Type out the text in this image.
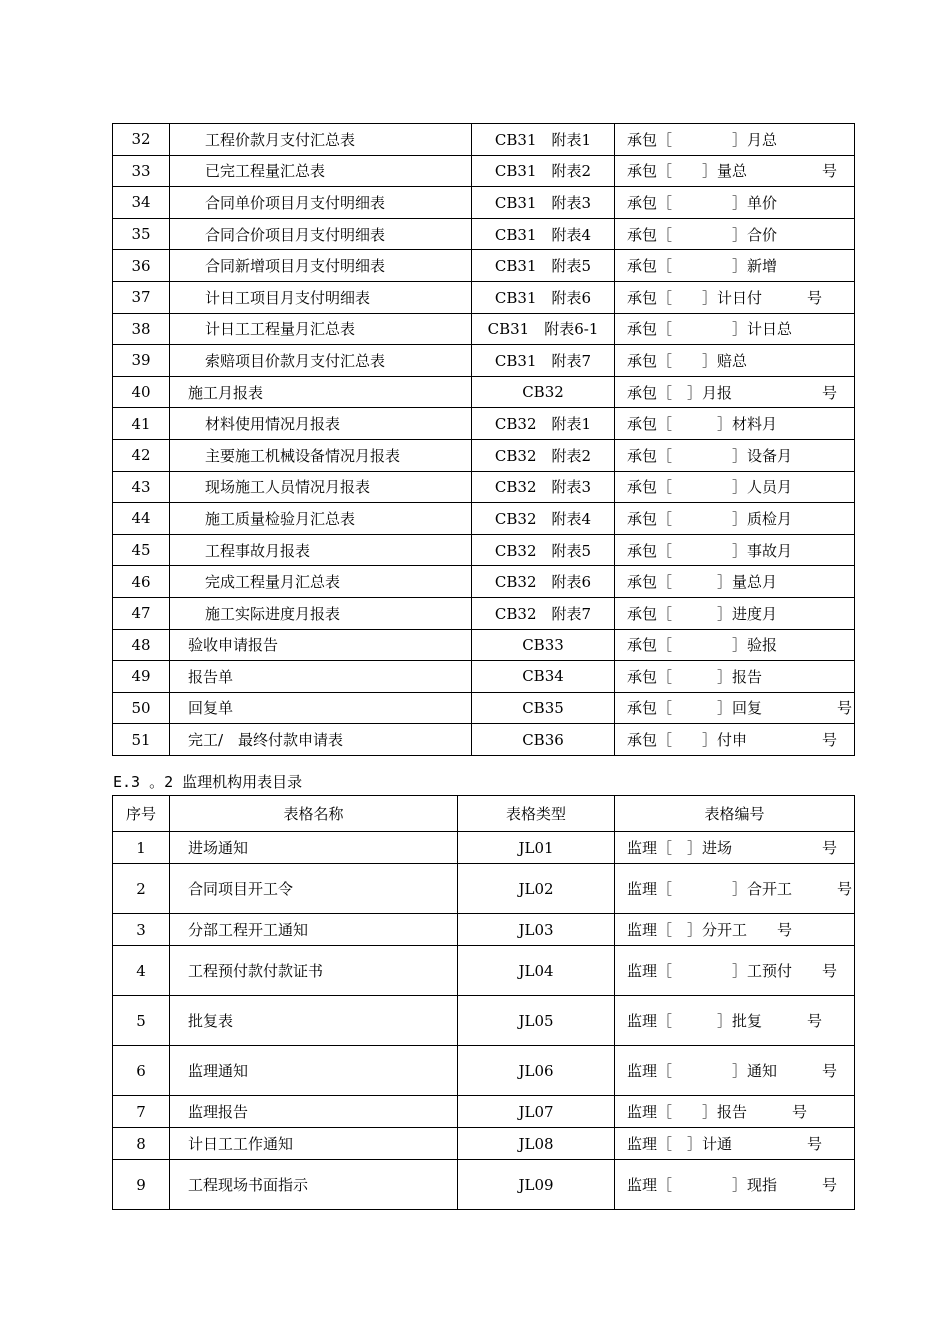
32	工程价款月支付汇总表	CB31　附表1	承包［　　　　］月总
33	已完工程量汇总表	CB31　附表2	承包［　　］量总　　　　　号
34	合同单价项目月支付明细表	CB31　附表3	承包［　　　　］单价
35	合同合价项目月支付明细表	CB31　附表4	承包［　　　　］合价
36	合同新增项目月支付明细表	CB31　附表5	承包［　　　　］新增
37	计日工项目月支付明细表	CB31　附表6	承包［　　］计日付　　　号
38	计日工工程量月汇总表	CB31　附表6-1	承包［　　　　］计日总
39	索赔项目价款月支付汇总表	CB31　附表7	承包［　　］赔总
40	施工月报表	CB32	承包［　］月报　　　　　　号
41	材料使用情况月报表	CB32　附表1	承包［　　　］材料月
42	主要施工机械设备情况月报表	CB32　附表2	承包［　　　　］设备月
43	现场施工人员情况月报表	CB32　附表3	承包［　　　　］人员月
44	施工质量检验月汇总表	CB32　附表4	承包［　　　　］质检月
45	工程事故月报表	CB32　附表5	承包［　　　　］事故月
46	完成工程量月汇总表	CB32　附表6	承包［　　　］量总月
47	施工实际进度月报表	CB32　附表7	承包［　　　］进度月
48	验收申请报告	CB33	承包［　　　　］验报
49	报告单	CB34	承包［　　　］报告
50	回复单	CB35	承包［　　　］回复　　　　　号
51	完工/　最终付款申请表	CB36	承包［　　］付申　　　　　号
E.3 。2 监理机构用表目录
序号	表格名称	表格类型	表格编号
1	进场通知	JL01	监理［　］进场　　　　　　号
2	合同项目开工令	JL02	监理［　　　　］合开工　　　号
3	分部工程开工通知	JL03	监理［　］分开工　　号
4	工程预付款付款证书	JL04	监理［　　　　］工预付　　号
5	批复表	JL05	监理［　　　］批复　　　号
6	监理通知	JL06	监理［　　　　］通知　　　号
7	监理报告	JL07	监理［　　］报告　　　号
8	计日工工作通知	JL08	监理［　］计通　　　　　号
9	工程现场书面指示	JL09	监理［　　　　］现指　　　号
